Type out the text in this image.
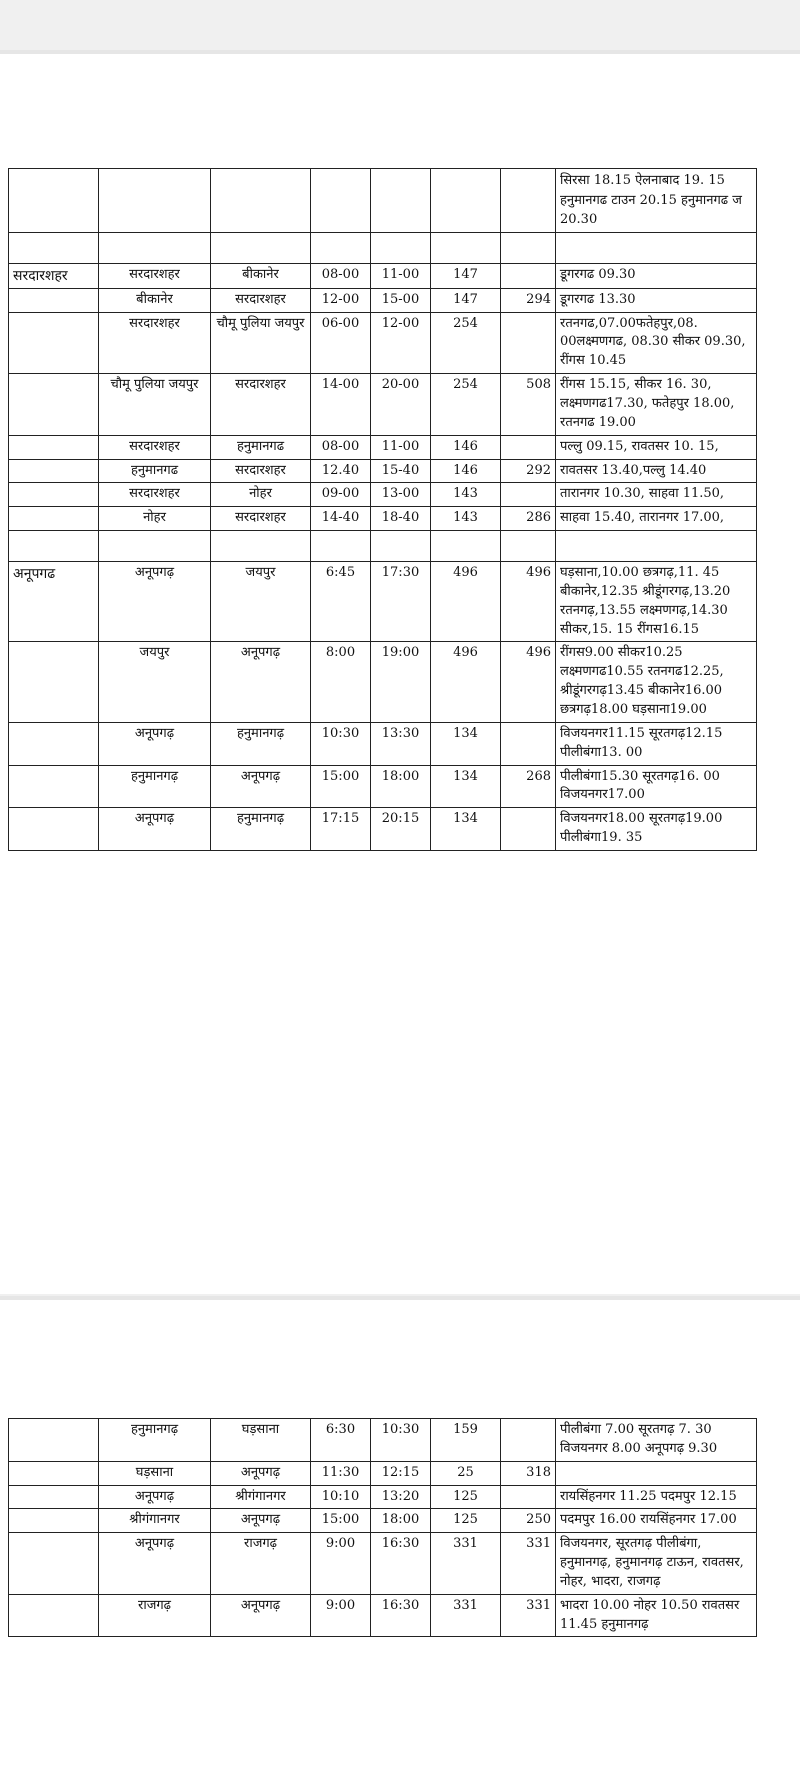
							सिरसा 18.15 ऐलनाबाद 19. 15 हनुमानगढ टाउन 20.15 हनुमानगढ ज 20.30

सरदारशहर	सरदारशहर	बीकानेर	08-00	11-00	147		डूगरगढ 09.30
	बीकानेर	सरदारशहर	12-00	15-00	147	294	डूगरगढ 13.30
	सरदारशहर	चौमू पुलिया जयपुर	06-00	12-00	254		रतनगढ,07.00फतेहपुर,08. 00लक्ष्मणगढ, 08.30 सीकर 09.30, रींगस 10.45
	चौमू पुलिया जयपुर	सरदारशहर	14-00	20-00	254	508	रींगस 15.15, सीकर 16. 30, लक्ष्मणगढ17.30, फतेहपुर 18.00, रतनगढ 19.00
	सरदारशहर	हनुमानगढ	08-00	11-00	146		पल्लु 09.15, रावतसर 10. 15,
	हनुमानगढ	सरदारशहर	12.40	15-40	146	292	रावतसर 13.40,पल्लु 14.40
	सरदारशहर	नोहर	09-00	13-00	143		तारानगर 10.30, साहवा 11.50,
	नोहर	सरदारशहर	14-40	18-40	143	286	साहवा 15.40, तारानगर 17.00,

अनूपगढ	अनूपगढ़	जयपुर	6:45	17:30	496	496	घड़साना,10.00 छत्रगढ़,11. 45 बीकानेर,12.35 श्रीडूंगरगढ़,13.20 रतनगढ़,13.55 लक्ष्मणगढ़,14.30 सीकर,15. 15 रींगस16.15
	जयपुर	अनूपगढ़	8:00	19:00	496	496	रींगस9.00 सीकर10.25 लक्ष्मणगढ10.55 रतनगढ12.25, श्रीडूंगरगढ़13.45 बीकानेर16.00 छत्रगढ़18.00 घड़साना19.00
	अनूपगढ़	हनुमानगढ़	10:30	13:30	134		विजयनगर11.15 सूरतगढ़12.15 पीलीबंगा13. 00
	हनुमानगढ़	अनूपगढ़	15:00	18:00	134	268	पीलीबंगा15.30 सूरतगढ़16. 00 विजयनगर17.00
	अनूपगढ़	हनुमानगढ़	17:15	20:15	134		विजयनगर18.00 सूरतगढ़19.00 पीलीबंगा19. 35
	हनुमानगढ़	घड़साना	6:30	10:30	159		पीलीबंगा 7.00 सूरतगढ़ 7. 30 विजयनगर 8.00 अनूपगढ़ 9.30
	घड़साना	अनूपगढ़	11:30	12:15	25	318	
	अनूपगढ़	श्रीगंगानगर	10:10	13:20	125		रायसिंहनगर 11.25 पदमपुर 12.15
	श्रीगंगानगर	अनूपगढ़	15:00	18:00	125	250	पदमपुर 16.00 रायसिंहनगर 17.00
	अनूपगढ़	राजगढ़	9:00	16:30	331	331	विजयनगर, सूरतगढ़ पीलीबंगा, हनुमानगढ़, हनुमानगढ़ टाऊन, रावतसर, नोहर, भादरा, राजगढ़
	राजगढ़	अनूपगढ़	9:00	16:30	331	331	भादरा 10.00 नोहर 10.50 रावतसर 11.45 हनुमानगढ़
